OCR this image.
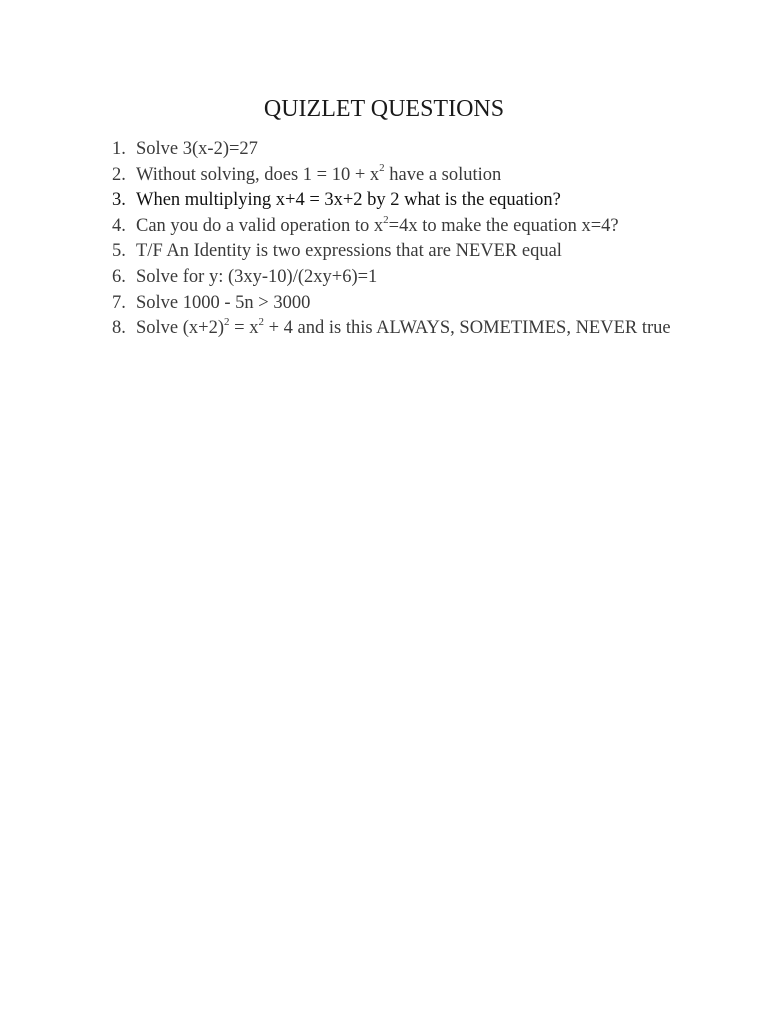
QUIZLET QUESTIONS
1. Solve 3(x-2)=27
2. Without solving, does $1 = 10 + x^2$ have a solution
3. When multiplying x+4 = 3x+2 by 2 what is the equation?
4. Can you do a valid operation to $x^2=4x$ to make the equation x=4?
5. T/F An Identity is two expressions that are NEVER equal
6. Solve for y: (3xy-10)/(2xy+6)=1
7. Solve 1000 - 5n > 3000
8. Solve $(x+2)^2 = x^2 + 4$ and is this ALWAYS, SOMETIMES, NEVER true
